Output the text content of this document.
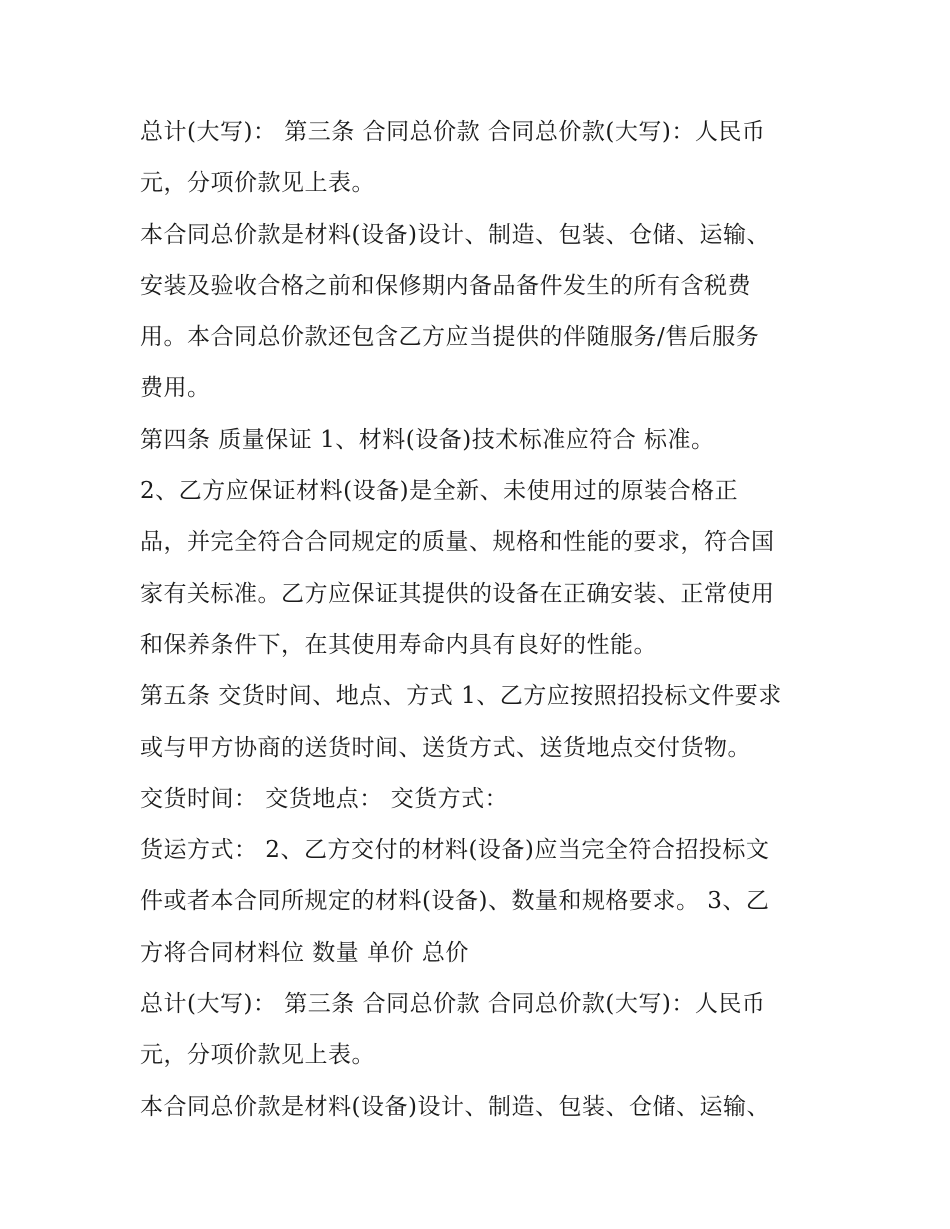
总计(大写)： 第三条 合同总价款 合同总价款(大写)：人民币
元，分项价款见上表。
本合同总价款是材料(设备)设计、制造、包装、仓储、运输、
安装及验收合格之前和保修期内备品备件发生的所有含税费
用。本合同总价款还包含乙方应当提供的伴随服务/售后服务
费用。
第四条 质量保证 1、材料(设备)技术标准应符合 标准。
2、乙方应保证材料(设备)是全新、未使用过的原装合格正
品，并完全符合合同规定的质量、规格和性能的要求，符合国
家有关标准。乙方应保证其提供的设备在正确安装、正常使用
和保养条件下，在其使用寿命内具有良好的性能。
第五条 交货时间、地点、方式 1、乙方应按照招投标文件要求
或与甲方协商的送货时间、送货方式、送货地点交付货物。
交货时间： 交货地点： 交货方式：
货运方式： 2、乙方交付的材料(设备)应当完全符合招投标文
件或者本合同所规定的材料(设备)、数量和规格要求。 3、乙
方将合同材料位 数量 单价 总价
总计(大写)： 第三条 合同总价款 合同总价款(大写)：人民币
元，分项价款见上表。
本合同总价款是材料(设备)设计、制造、包装、仓储、运输、
